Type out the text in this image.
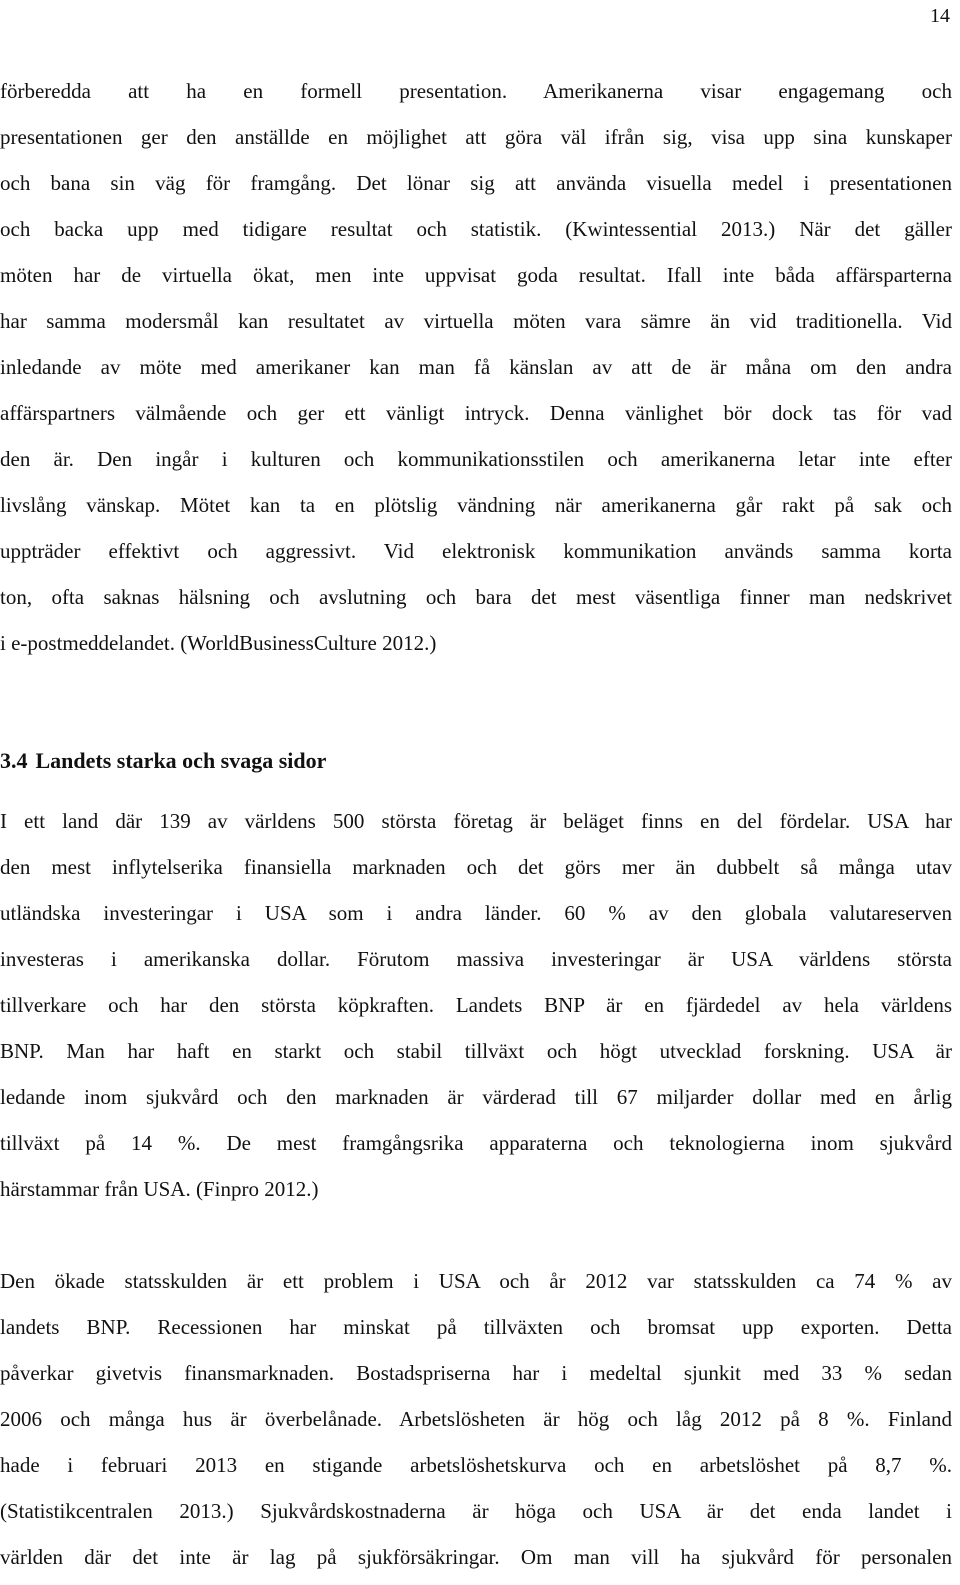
14

förberedda att ha en formell presentation. Amerikanerna visar engagemang och
presentationen ger den anställde en möjlighet att göra väl ifrån sig, visa upp sina kunskaper
och bana sin väg för framgång. Det lönar sig att använda visuella medel i presentationen
och backa upp med tidigare resultat och statistik. (Kwintessential 2013.) När det gäller
möten har de virtuella ökat, men inte uppvisat goda resultat. Ifall inte båda affärsparterna
har samma modersmål kan resultatet av virtuella möten vara sämre än vid traditionella. Vid
inledande av möte med amerikaner kan man få känslan av att de är måna om den andra
affärspartners välmående och ger ett vänligt intryck. Denna vänlighet bör dock tas för vad
den är. Den ingår i kulturen och kommunikationsstilen och amerikanerna letar inte efter
livslång vänskap. Mötet kan ta en plötslig vändning när amerikanerna går rakt på sak och
uppträder effektivt och aggressivt. Vid elektronisk kommunikation används samma korta
ton, ofta saknas hälsning och avslutning och bara det mest väsentliga finner man nedskrivet
i e-postmeddelandet. (WorldBusinessCulture 2012.)

3.4 Landets starka och svaga sidor

I ett land där 139 av världens 500 största företag är beläget finns en del fördelar. USA har
den mest inflytelserika finansiella marknaden och det görs mer än dubbelt så många utav
utländska investeringar i USA som i andra länder. 60 % av den globala valutareserven
investeras i amerikanska dollar. Förutom massiva investeringar är USA världens största
tillverkare och har den största köpkraften. Landets BNP är en fjärdedel av hela världens
BNP. Man har haft en starkt och stabil tillväxt och högt utvecklad forskning. USA är
ledande inom sjukvård och den marknaden är värderad till 67 miljarder dollar med en årlig
tillväxt på 14 %. De mest framgångsrika apparaterna och teknologierna inom sjukvård
härstammar från USA. (Finpro 2012.)

Den ökade statsskulden är ett problem i USA och år 2012 var statsskulden ca 74 % av
landets BNP. Recessionen har minskat på tillväxten och bromsat upp exporten. Detta
påverkar givetvis finansmarknaden. Bostadspriserna har i medeltal sjunkit med 33 % sedan
2006 och många hus är överbelånade. Arbetslösheten är hög och låg 2012 på 8 %. Finland
hade i februari 2013 en stigande arbetslöshetskurva och en arbetslöshet på 8,7 %.
(Statistikcentralen 2013.) Sjukvårdskostnaderna är höga och USA är det enda landet i
världen där det inte är lag på sjukförsäkringar. Om man vill ha sjukvård för personalen
